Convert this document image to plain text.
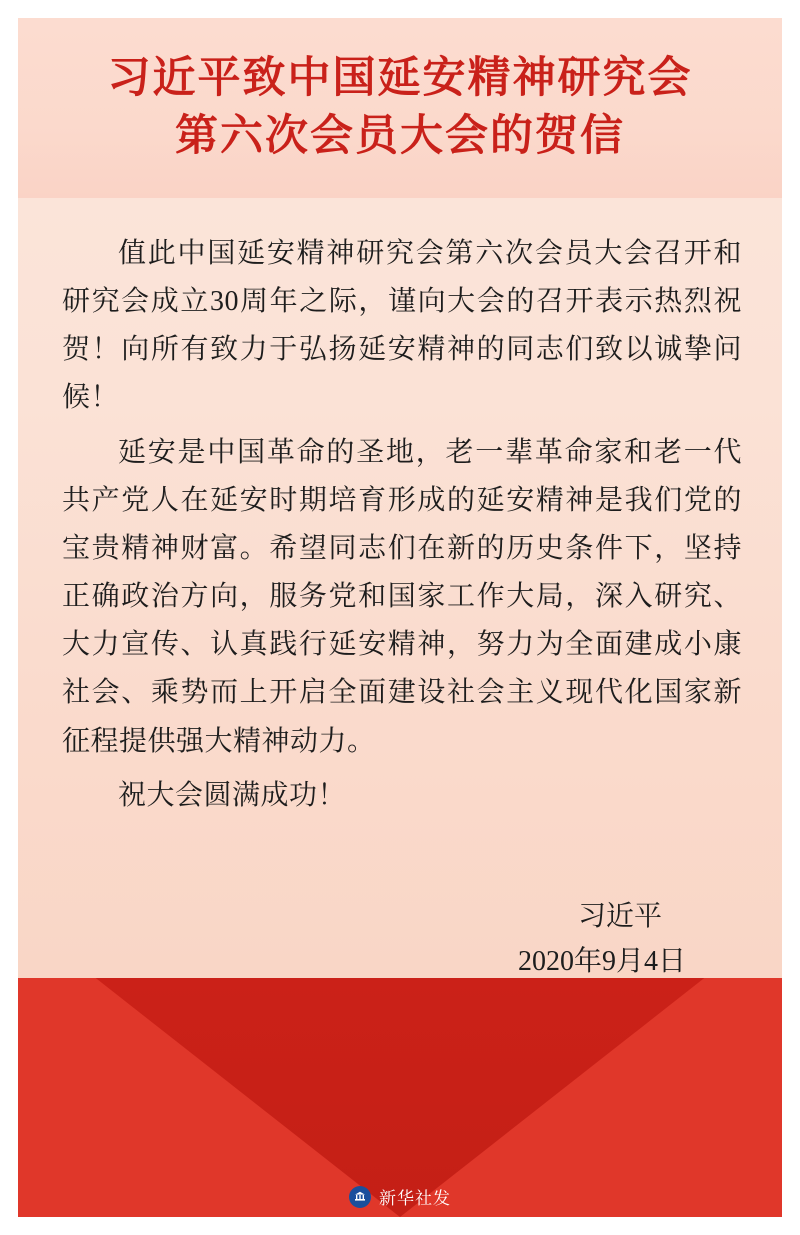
习近平致中国延安精神研究会
第六次会员大会的贺信

值此中国延安精神研究会第六次会员大会召开和研究会成立30周年之际，谨向大会的召开表示热烈祝贺！向所有致力于弘扬延安精神的同志们致以诚挚问候！

延安是中国革命的圣地，老一辈革命家和老一代共产党人在延安时期培育形成的延安精神是我们党的宝贵精神财富。希望同志们在新的历史条件下，坚持正确政治方向，服务党和国家工作大局，深入研究、大力宣传、认真践行延安精神，努力为全面建成小康社会、乘势而上开启全面建设社会主义现代化国家新征程提供强大精神动力。

祝大会圆满成功！

习近平
2020年9月4日
新华社发
